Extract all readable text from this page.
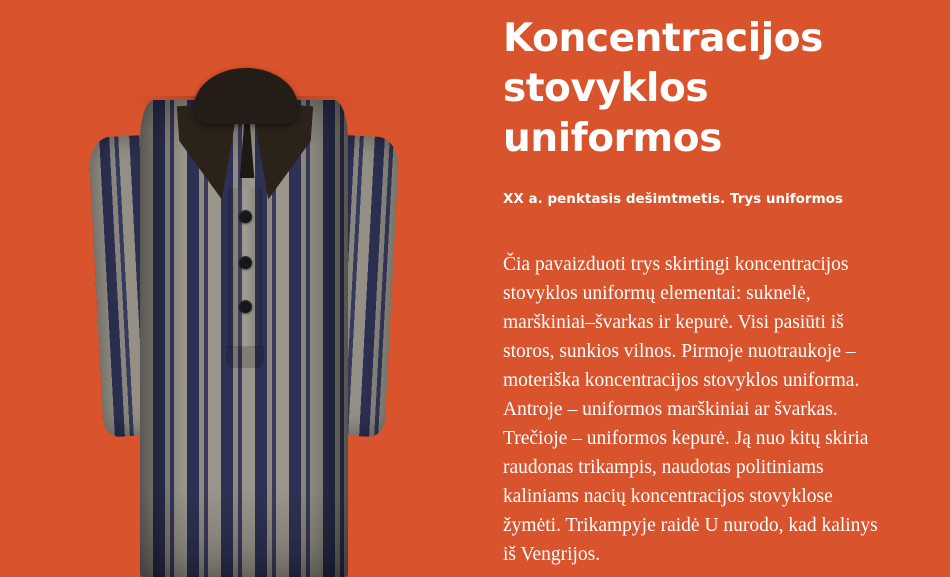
Koncentracijos stovyklos uniformos
XX a. penktasis dešimtmetis. Trys uniformos

Čia pavaizduoti trys skirtingi koncentracijos stovyklos uniformų elementai: suknelė, marškiniai–švarkas ir kepurė. Visi pasiūti iš storos, sunkios vilnos. Pirmoje nuotraukoje – moteriška koncentracijos stovyklos uniforma. Antroje – uniformos marškiniai ar švarkas. Trečioje – uniformos kepurė. Ją nuo kitų skiria raudonas trikampis, naudotas politiniams kaliniams nacių koncentracijos stovyklose žymėti. Trikampyje raidė U nurodo, kad kalinys iš Vengrijos.
